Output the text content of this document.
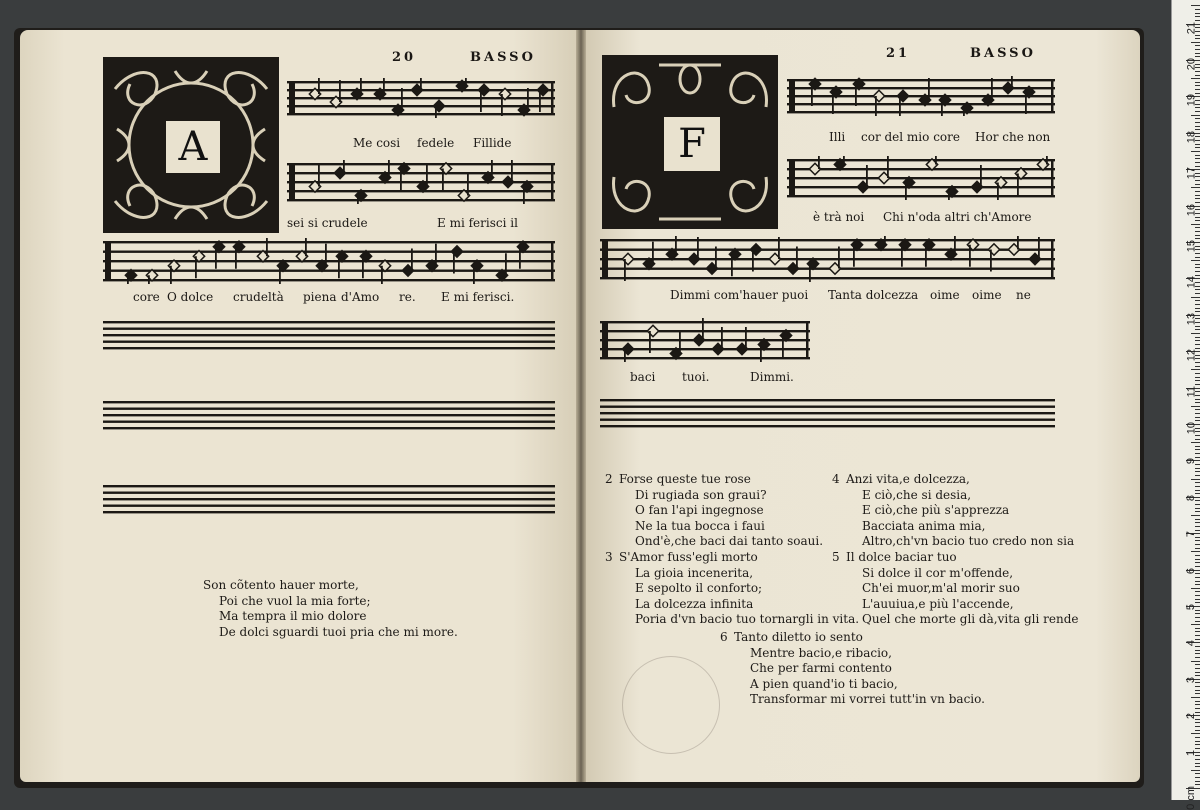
20	BASSO
A	Me cosi fedele Fillide
sei si crudele	E mi ferisci il
core O dolce crudeltà piena d'Amo re. E mi ferisci.
Son cõtento hauer morte,
Poi che vuol la mia forte;
Ma tempra il mio dolore
De dolci sguardi tuoi pria che mi more.
21	BASSO
F	Illi cor del mio core Hor che non
è trà noi Chi n'oda altri ch'Amore
Dimmi com'hauer puoi Tanta dolcezza oime oime ne
baci tuoi.	Dimmi.
2 Forse queste tue rose
Di rugiada son graui?
O fan l'api ingegnose
Ne la tua bocca i faui
Ond'è,che baci dai tanto soaui.
3 S'Amor fuss'egli morto
La gioia incenerita,
E sepolto il conforto;
La dolcezza infinita
Poria d'vn bacio tuo tornargli in vita.
4 Anzi vita,e dolcezza,
E ciò,che si desia,
E ciò,che più s'apprezza
Bacciata anima mia,
Altro,ch'vn bacio tuo credo non sia
5 Il dolce baciar tuo
Si dolce il cor m'offende,
Ch'ei muor,m'al morir suo
L'auuiua,e più l'accende,
Quel che morte gli dà,vita gli rende
6 Tanto diletto io sento
Mentre bacio,e ribacio,
Che per farmi contento
A pien quand'io ti bacio,
Transformar mi vorrei tutt'in vn bacio.
0 cm
1
2
3
4
5
6
7
8
9
10
11
12
13
14
15
16
17
18
19
20
21
